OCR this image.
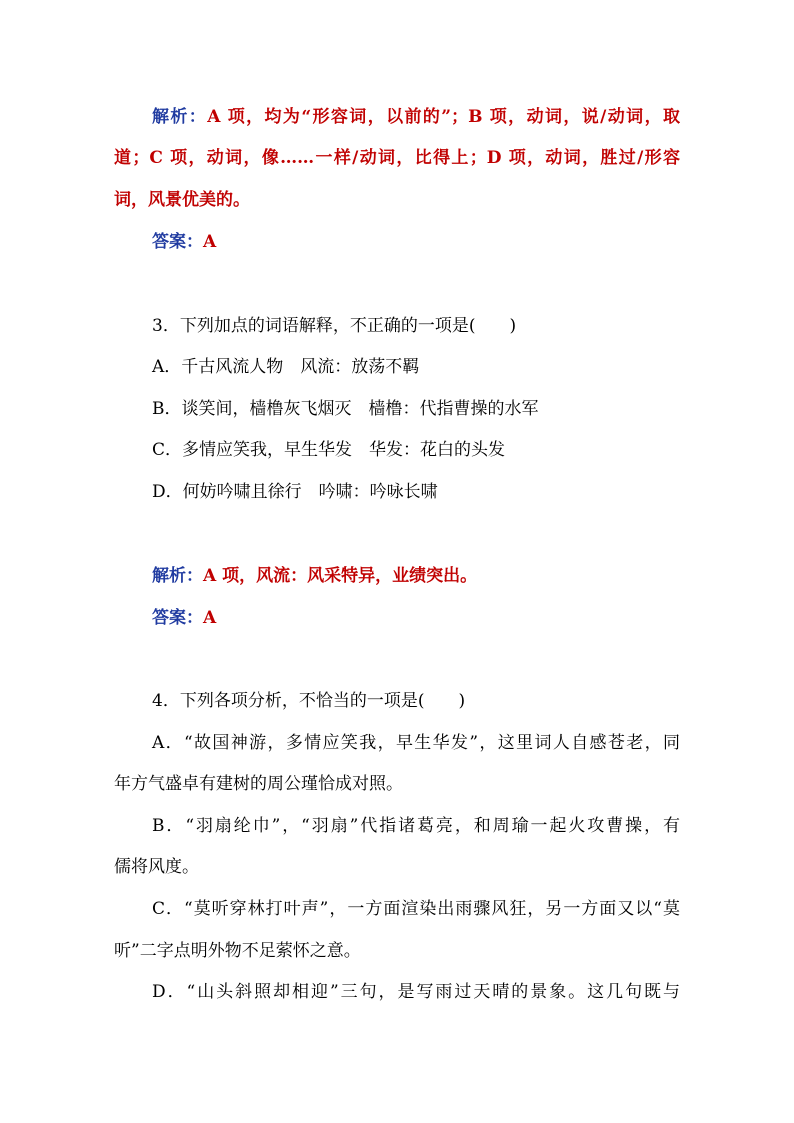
解析：A 项，均为“形容词，以前的”；B 项，动词，说/动词，取
道；C 项，动词，像……一样/动词，比得上；D 项，动词，胜过/形容
词，风景优美的。
答案：A
3．下列加点的词语解释，不正确的一项是(　　)
A．千古风流人物 风流：放荡不羁
B．谈笑间，樯橹灰飞烟灭 樯橹：代指曹操的水军
C．多情应笑我，早生华发 华发：花白的头发
D．何妨吟啸且徐行 吟啸：吟咏长啸
解析：A 项，风流：风采特异，业绩突出。
答案：A
4．下列各项分析，不恰当的一项是(　　)
A．“故国神游，多情应笑我，早生华发”，这里词人自感苍老，同
年方气盛卓有建树的周公瑾恰成对照。
B．“羽扇纶巾”，“羽扇”代指诸葛亮，和周瑜一起火攻曹操，有
儒将风度。
C．“莫听穿林打叶声”，一方面渲染出雨骤风狂，另一方面又以“莫
听”二字点明外物不足萦怀之意。
D．“山头斜照却相迎”三句，是写雨过天晴的景象。这几句既与
